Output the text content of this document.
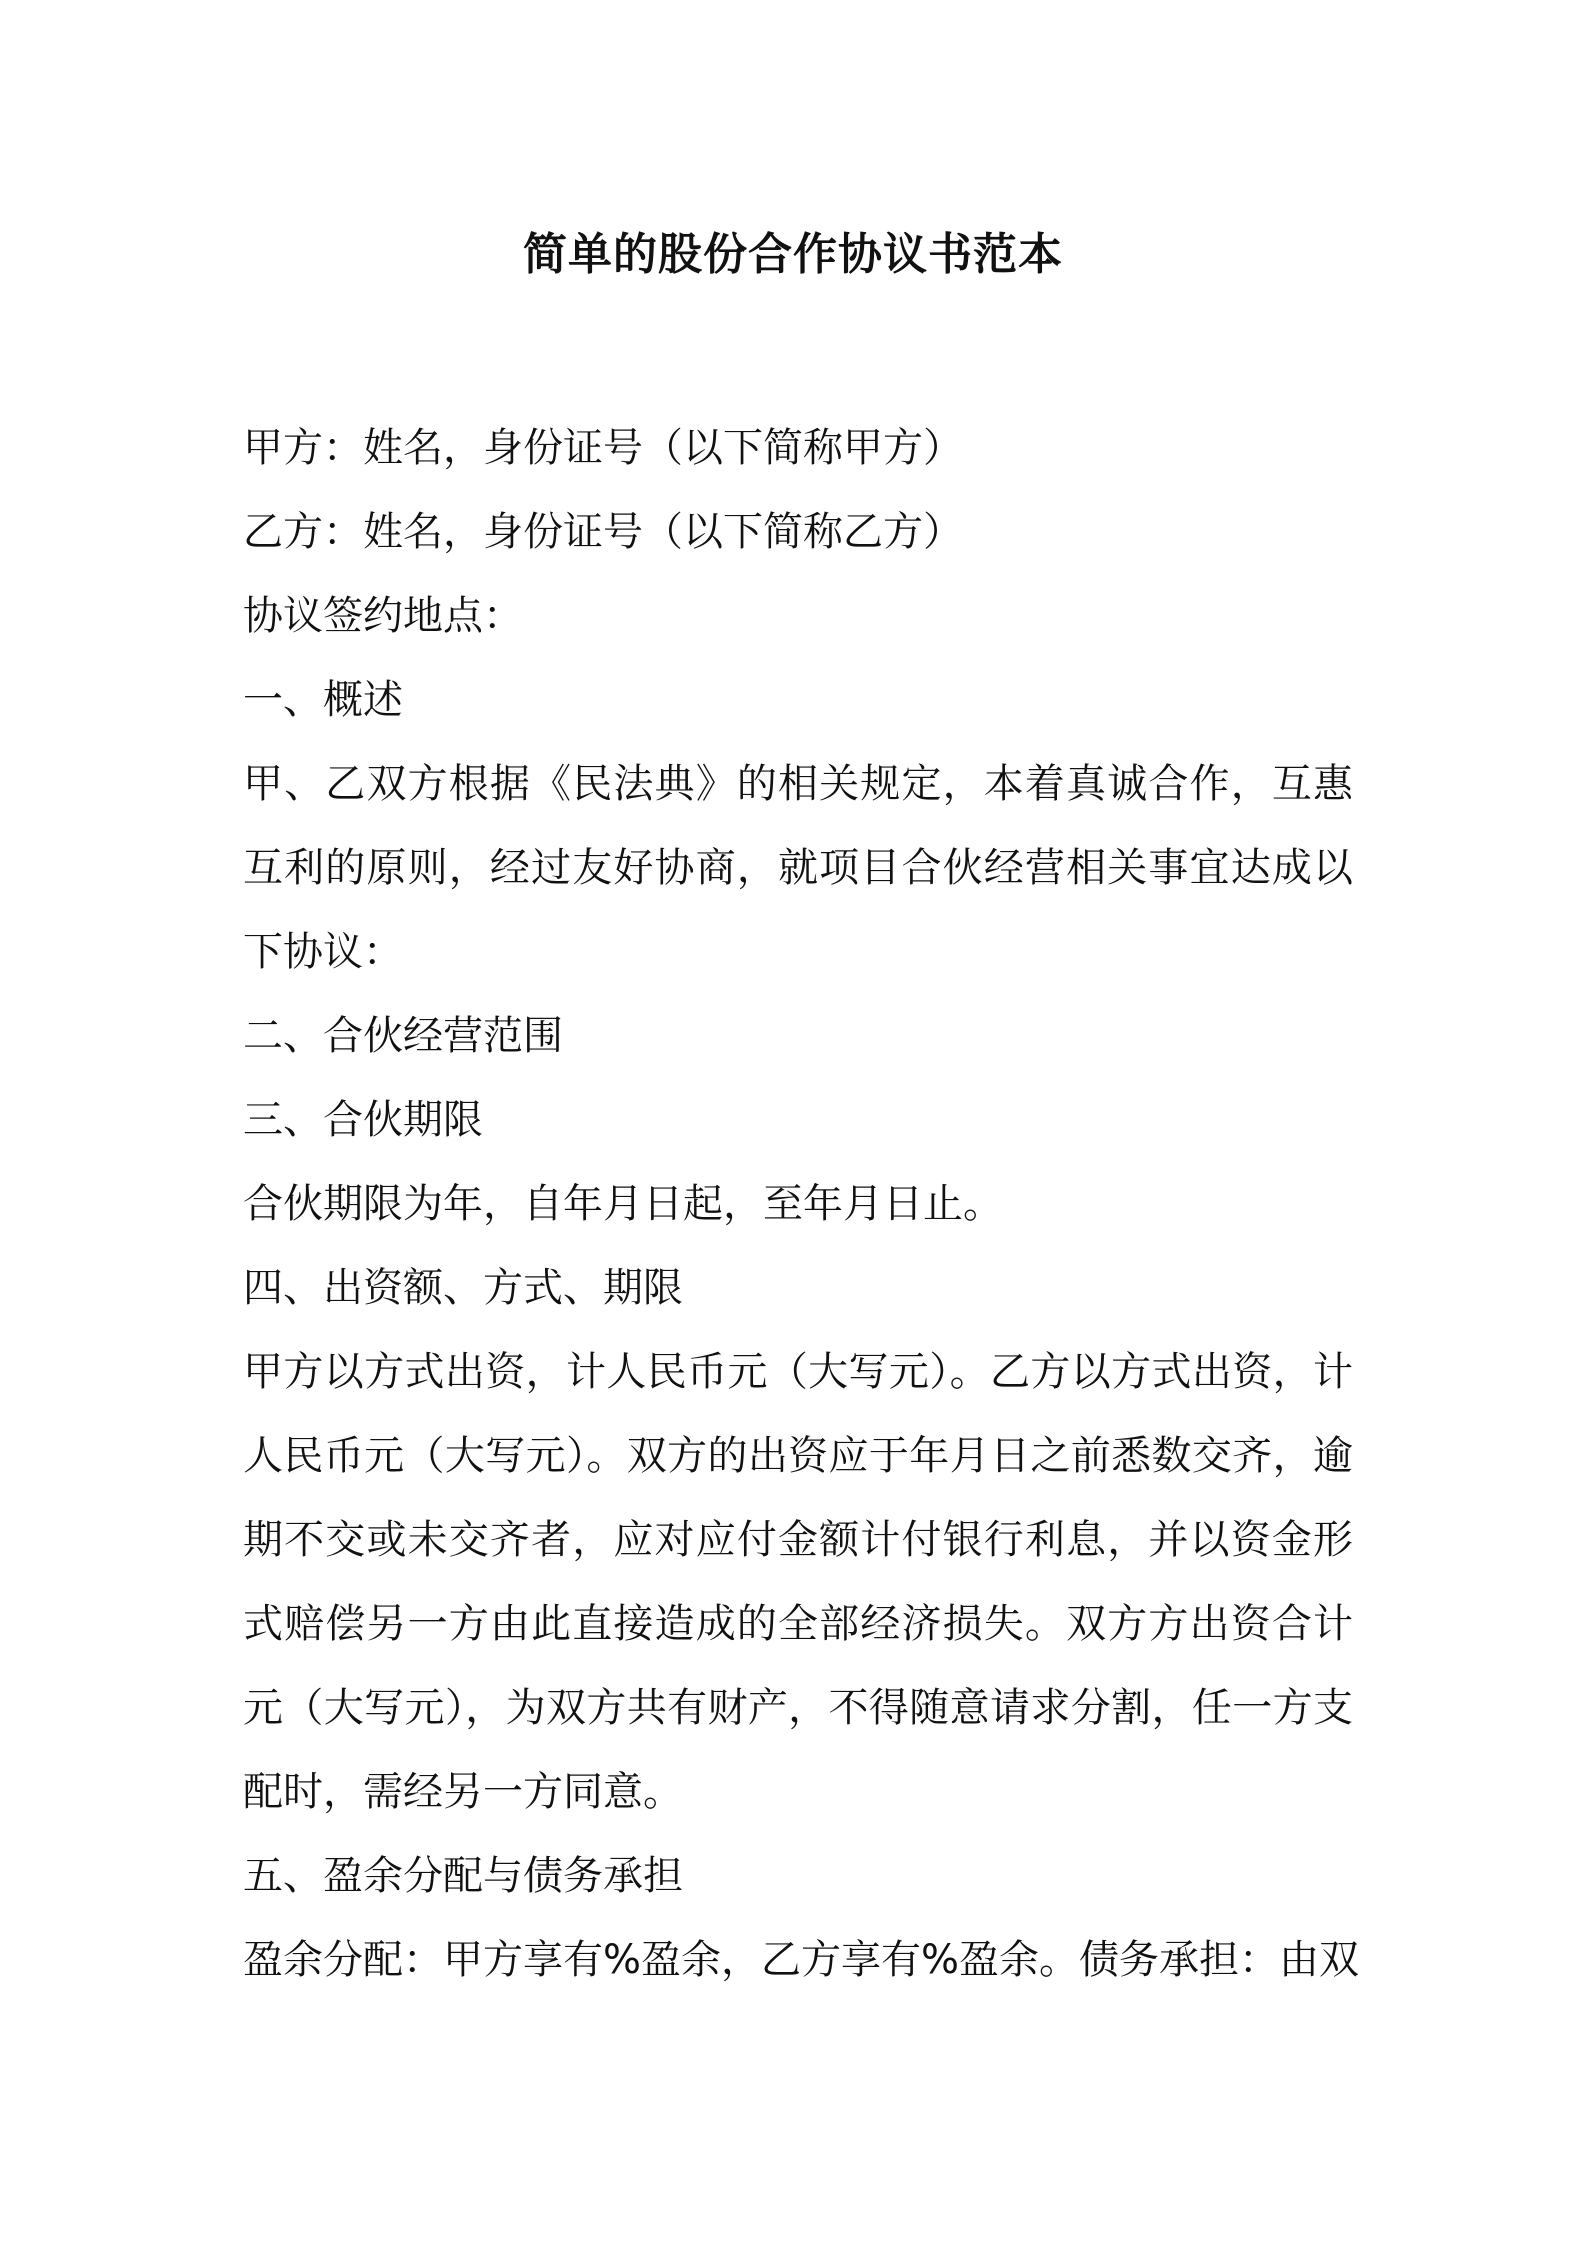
简单的股份合作协议书范本
甲方：姓名，身份证号（以下简称甲方）
乙方：姓名，身份证号（以下简称乙方）
协议签约地点：
一、概述
甲、乙双方根据《民法典》的相关规定，本着真诚合作，互惠互利的原则，经过友好协商，就项目合伙经营相关事宜达成以下协议：
二、合伙经营范围
三、合伙期限
合伙期限为年，自年月日起，至年月日止。
四、出资额、方式、期限
甲方以方式出资，计人民币元（大写元）。乙方以方式出资，计人民币元（大写元）。双方的出资应于年月日之前悉数交齐，逾期不交或未交齐者，应对应付金额计付银行利息，并以资金形式赔偿另一方由此直接造成的全部经济损失。双方方出资合计元（大写元），为双方共有财产，不得随意请求分割，任一方支配时，需经另一方同意。
五、盈余分配与债务承担
盈余分配：甲方享有%盈余，乙方享有%盈余。债务承担：由双
